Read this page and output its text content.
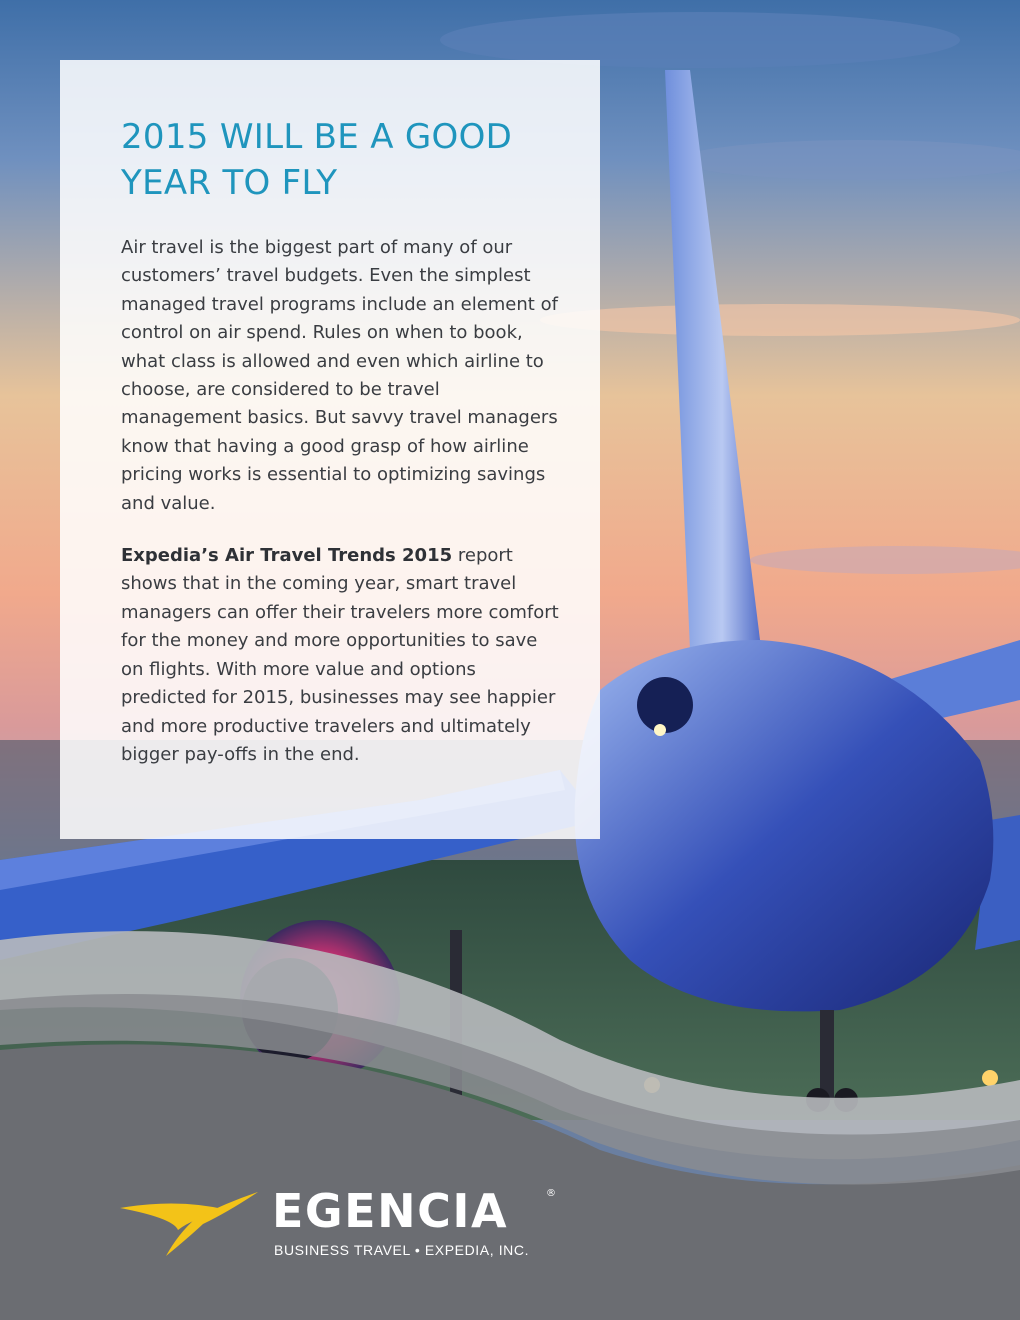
2015 WILL BE A GOOD YEAR TO FLY

Air travel is the biggest part of many of our customers’ travel budgets. Even the simplest managed travel programs include an element of control on air spend. Rules on when to book, what class is allowed and even which airline to choose, are considered to be travel management basics. But savvy travel managers know that having a good grasp of how airline pricing works is essential to optimizing savings and value.

Expedia’s Air Travel Trends 2015 report shows that in the coming year, smart travel managers can offer their travelers more comfort for the money and more opportunities to save on flights. With more value and options predicted for 2015, businesses may see happier and more productive travelers and ultimately bigger pay-offs in the end.

EGENCIA	®
BUSINESS TRAVEL • EXPEDIA, INC.
